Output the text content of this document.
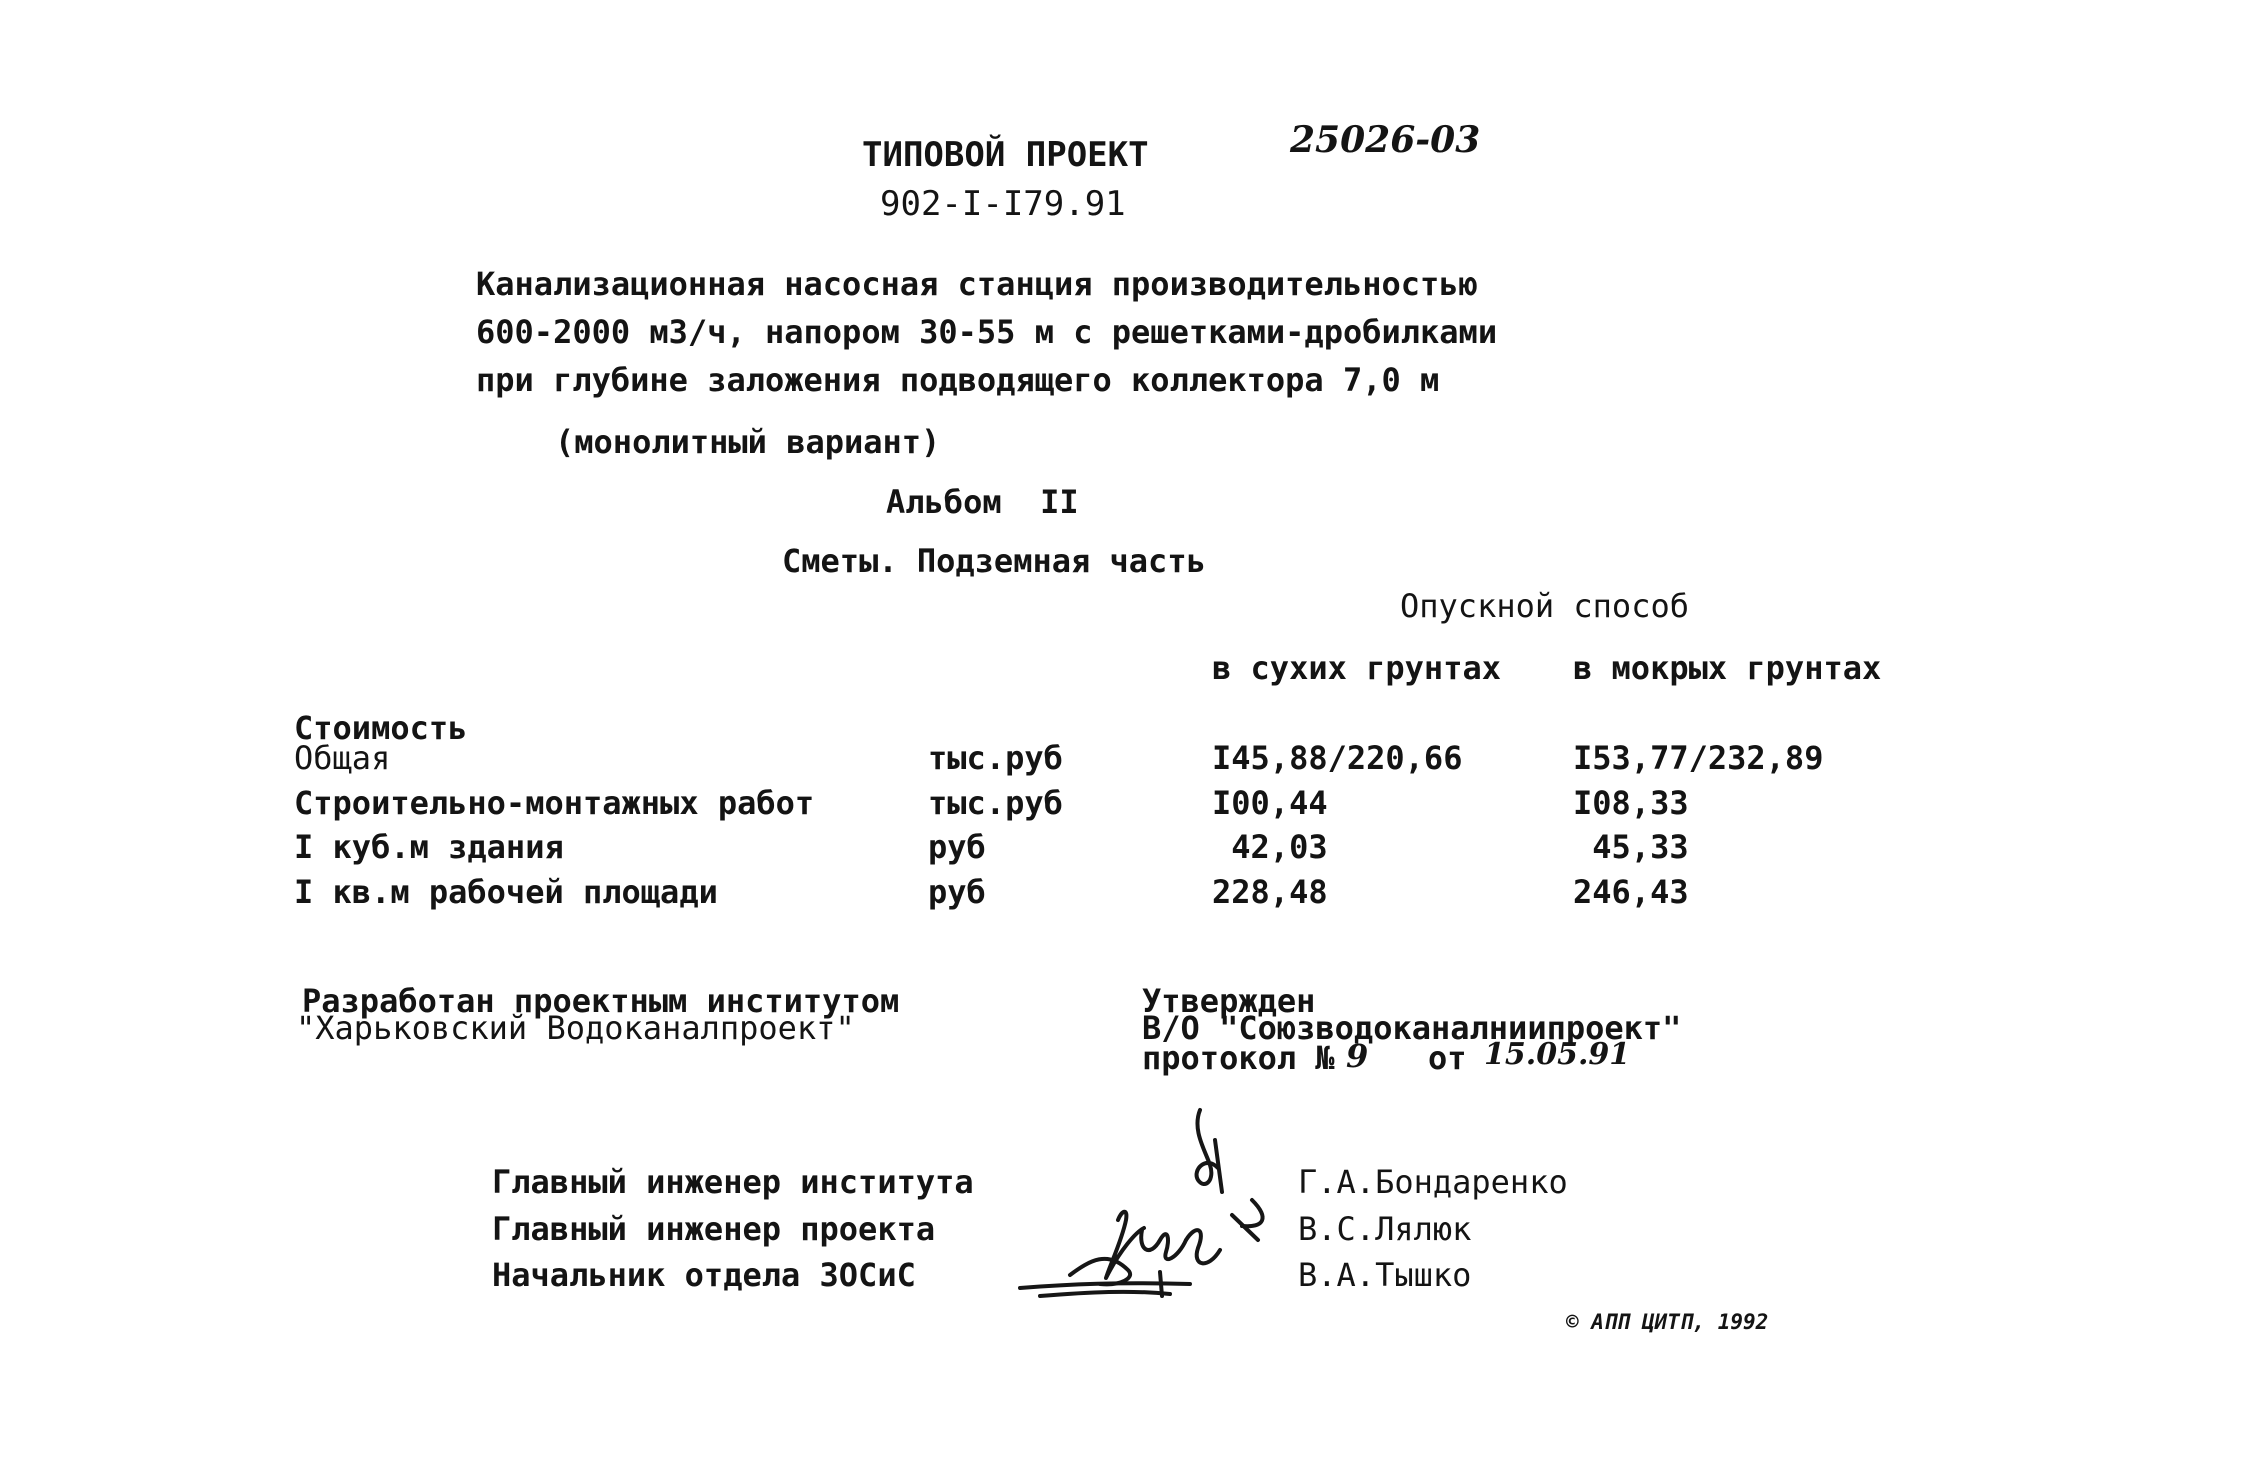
ТИПОВОЙ ПРОЕКТ
902-I-I79.91
25026-03
Канализационная насосная станция производительностью
600-2000 м3/ч, напором 30-55 м с решетками-дробилками
при глубине заложения подводящего коллектора 7,0 м
(монолитный вариант)
Альбом  II
Сметы. Подземная часть
Опускной способ
в сухих грунтах в мокрых грунтах
Стоимость
Общая	тыс.руб	I45,88/220,66	I53,77/232,89
Строительно-монтажных работ	тыс.руб	I00,44	I08,33
I куб.м здания	руб	42,03	45,33
I кв.м рабочей площади	руб	228,48	246,43
Разработан проектным институтом
"Харьковский Водоканалпроект"
Утвержден
В/О "Союзводоканалниипроект"
протокол № 9 от 15.05.91
Главный инженер института	Г.А.Бондаренко
Главный инженер проекта	В.С.Лялюк
Начальник отдела ЗОСиС	В.А.Тышко
© АПП ЦИТП, 1992
